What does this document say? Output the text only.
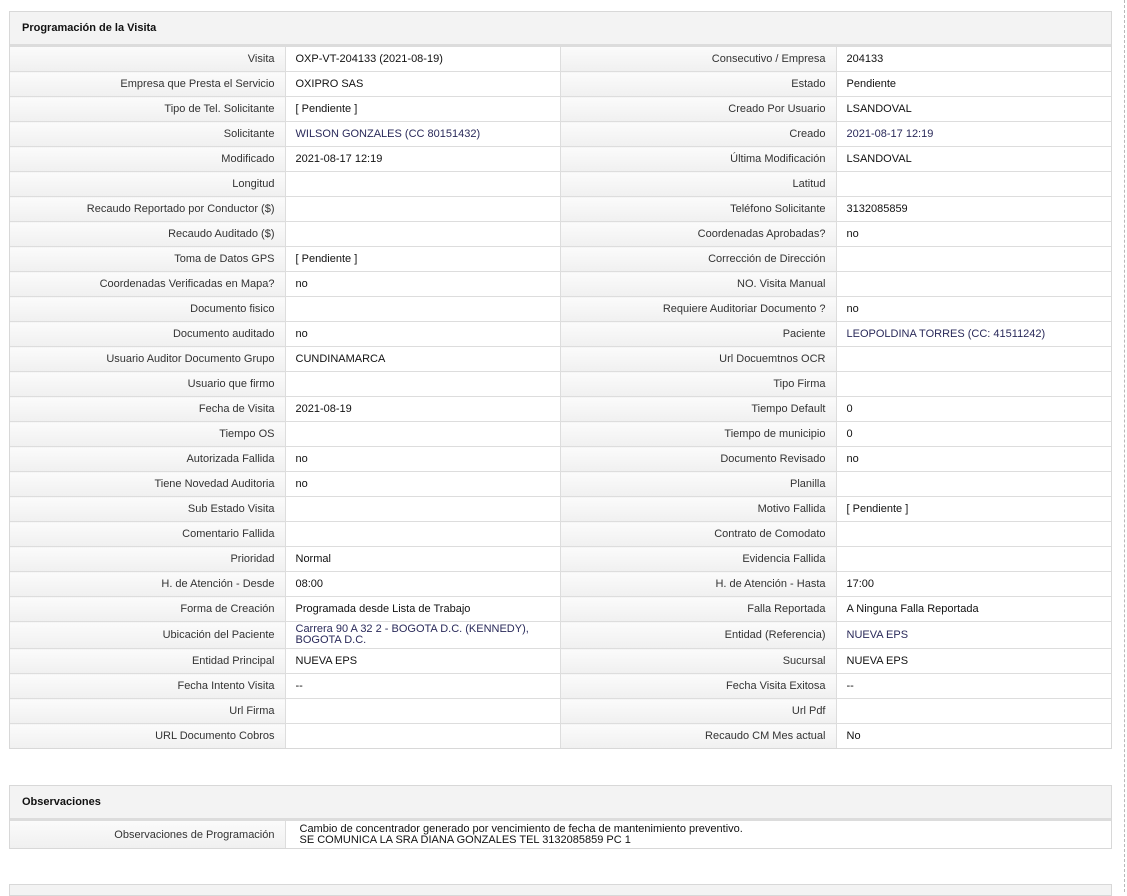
Programación de la Visita
Visita	OXP-VT-204133 (2021-08-19)	Consecutivo / Empresa	204133
Empresa que Presta el Servicio	OXIPRO SAS	Estado	Pendiente
Tipo de Tel. Solicitante	[ Pendiente ]	Creado Por Usuario	LSANDOVAL
Solicitante	WILSON GONZALES (CC 80151432)	Creado	2021-08-17 12:19
Modificado	2021-08-17 12:19	Última Modificación	LSANDOVAL
Longitud		Latitud	
Recaudo Reportado por Conductor ($)		Teléfono Solicitante	3132085859
Recaudo Auditado ($)		Coordenadas Aprobadas?	no
Toma de Datos GPS	[ Pendiente ]	Corrección de Dirección	
Coordenadas Verificadas en Mapa?	no	NO. Visita Manual	
Documento fisico		Requiere Auditoriar Documento ?	no
Documento auditado	no	Paciente	LEOPOLDINA TORRES (CC: 41511242)
Usuario Auditor Documento Grupo	CUNDINAMARCA	Url Docuemtnos OCR	
Usuario que firmo		Tipo Firma	
Fecha de Visita	2021-08-19	Tiempo Default	0
Tiempo OS		Tiempo de municipio	0
Autorizada Fallida	no	Documento Revisado	no
Tiene Novedad Auditoria	no	Planilla	
Sub Estado Visita		Motivo Fallida	[ Pendiente ]
Comentario Fallida		Contrato de Comodato	
Prioridad	Normal	Evidencia Fallida	
H. de Atención - Desde	08:00	H. de Atención - Hasta	17:00
Forma de Creación	Programada desde Lista de Trabajo	Falla Reportada	A Ninguna Falla Reportada
Ubicación del Paciente	Carrera 90 A 32 2 - BOGOTA D.C. (KENNEDY), BOGOTA D.C.	Entidad (Referencia)	NUEVA EPS
Entidad Principal	NUEVA EPS	Sucursal	NUEVA EPS
Fecha Intento Visita	--	Fecha Visita Exitosa	--
Url Firma		Url Pdf	
URL Documento Cobros		Recaudo CM Mes actual	No
Observaciones
Observaciones de Programación	Cambio de concentrador generado por vencimiento de fecha de mantenimiento preventivo.
SE COMUNICA LA SRA DIANA GONZALES TEL 3132085859 PC 1
